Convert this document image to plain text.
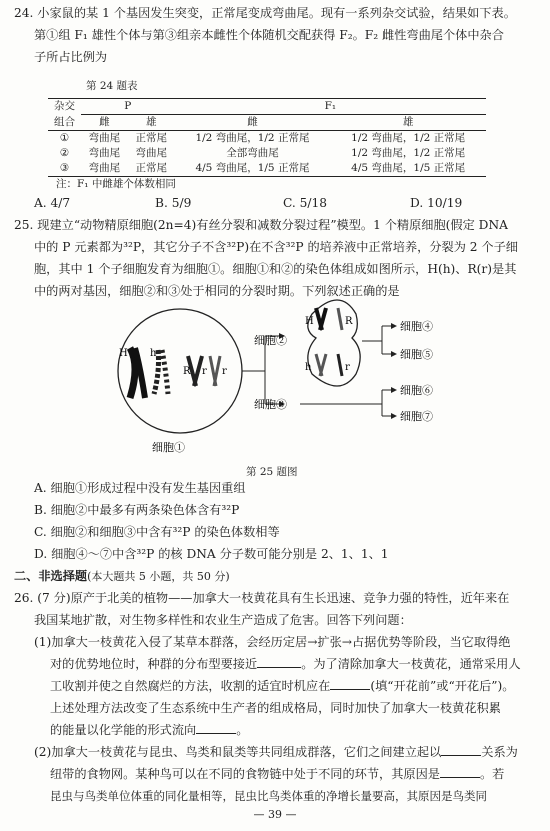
24. 小家鼠的某 1 个基因发生突变，正常尾变成弯曲尾。现有一系列杂交试验，结果如下表。
第①组 F₁ 雄性个体与第③组亲本雌性个体随机交配获得 F₂。F₂ 雌性弯曲尾个体中杂合
子所占比例为
第 24 题表
杂交	P		F₁	
组合	雌	雄	雌	雄
①	弯曲尾	正常尾	1/2 弯曲尾，1/2 正常尾	1/2 弯曲尾，1/2 正常尾
②	弯曲尾	弯曲尾	全部弯曲尾	1/2 弯曲尾，1/2 正常尾
③	弯曲尾	正常尾	4/5 弯曲尾，1/5 正常尾	4/5 弯曲尾，1/5 正常尾
注：F₁ 中雌雄个体数相同
A. 4/7	B. 5/9	C. 5/18	D. 10/19
25. 现建立“动物精原细胞(2n=4)有丝分裂和减数分裂过程”模型。1 个精原细胞(假定 DNA
中的 P 元素都为³²P，其它分子不含³²P)在不含³²P 的培养液中正常培养，分裂为 2 个子细
胞，其中 1 个子细胞发育为细胞①。细胞①和②的染色体组成如图所示，H(h)、R(r)是其
中的两对基因，细胞②和③处于相同的分裂时期。下列叙述正确的是
H h
R r r
细胞①
细胞②
细胞③
H	R
h	r
细胞④
细胞⑤
细胞⑥
细胞⑦
第 25 题图
A. 细胞①形成过程中没有发生基因重组
B. 细胞②中最多有两条染色体含有³²P
C. 细胞②和细胞③中含有³²P 的染色体数相等
D. 细胞④～⑦中含³²P 的核 DNA 分子数可能分别是 2、1、1、1
二、非选择题(本大题共 5 小题，共 50 分)
26. (7 分)原产于北美的植物——加拿大一枝黄花具有生长迅速、竞争力强的特性，近年来在
我国某地扩散，对生物多样性和农业生产造成了危害。回答下列问题：
(1)加拿大一枝黄花入侵了某草本群落，会经历定居→扩张→占据优势等阶段，当它取得绝
对的优势地位时，种群的分布型要接近	。为了清除加拿大一枝黄花，通常采用人
工收割并使之自然腐烂的方法，收割的适宜时机应在	(填“开花前”或“开花后”)。
上述处理方法改变了生态系统中生产者的组成格局，同时加快了加拿大一枝黄花积累
的能量以化学能的形式流向	。
(2)加拿大一枝黄花与昆虫、鸟类和鼠类等共同组成群落，它们之间建立起以	关系为
纽带的食物网。某种鸟可以在不同的食物链中处于不同的环节，其原因是	。若
— 39 —
昆虫与鸟类单位体重的同化量相等，昆虫比鸟类体重的净增长量要高，其原因是鸟类同
